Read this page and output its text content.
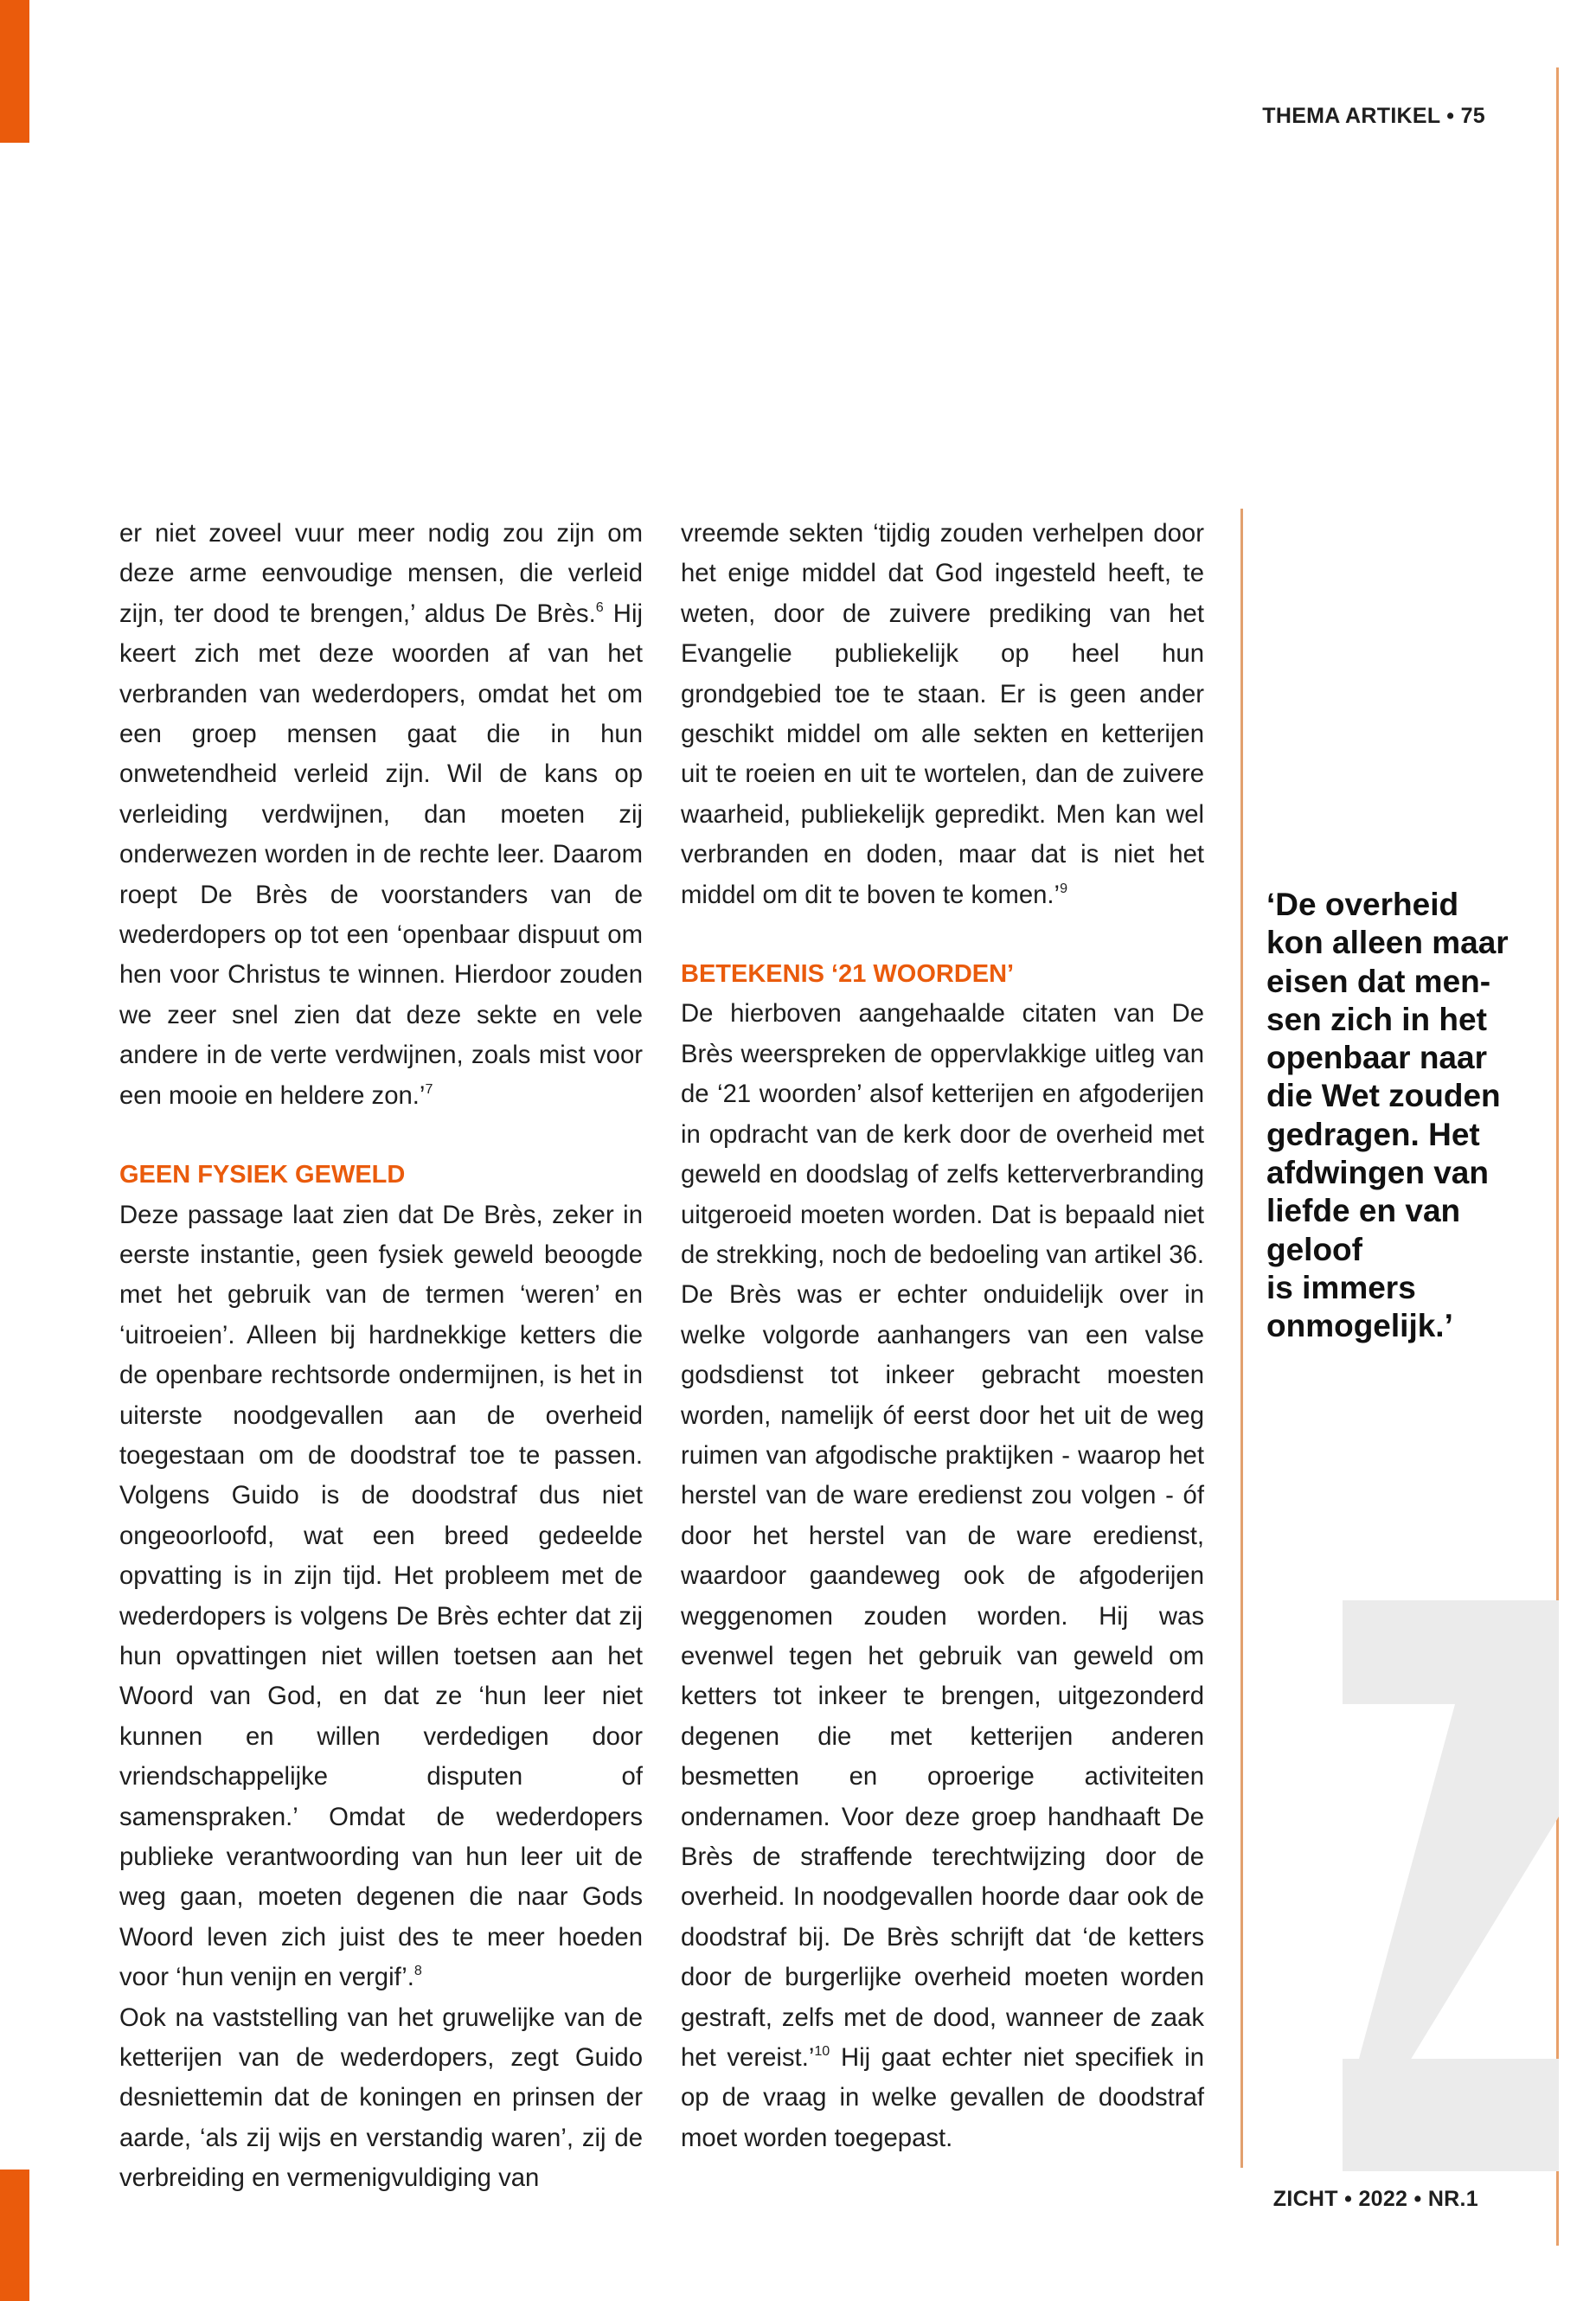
THEMA ARTIKEL • 75

er niet zoveel vuur meer nodig zou zijn om deze arme eenvoudige mensen, die verleid zijn, ter dood te brengen,’ aldus De Brès.$^6$ Hij keert zich met deze woorden af van het verbranden van wederdopers, omdat het om een groep mensen gaat die in hun onwetendheid verleid zijn. Wil de kans op verleiding verdwijnen, dan moeten zij onderwezen worden in de rechte leer. Daarom roept De Brès de voorstanders van de wederdopers op tot een ‘openbaar dispuut om hen voor Christus te winnen. Hierdoor zouden we zeer snel zien dat deze sekte en vele andere in de verte verdwijnen, zoals mist voor een mooie en heldere zon.’$^7$

GEEN FYSIEK GEWELD

Deze passage laat zien dat De Brès, zeker in eerste instantie, geen fysiek geweld beoogde met het gebruik van de termen ‘weren’ en ‘uitroeien’. Alleen bij hardnekkige ketters die de openbare rechtsorde ondermijnen, is het in uiterste noodgevallen aan de overheid toegestaan om de doodstraf toe te passen. Volgens Guido is de doodstraf dus niet ongeoorloofd, wat een breed gedeelde opvatting is in zijn tijd. Het probleem met de wederdopers is volgens De Brès echter dat zij hun opvattingen niet willen toetsen aan het Woord van God, en dat ze ‘hun leer niet kunnen en willen verdedigen door vriendschappelijke disputen of samenspraken.’ Omdat de wederdopers publieke verantwoording van hun leer uit de weg gaan, moeten degenen die naar Gods Woord leven zich juist des te meer hoeden voor ‘hun venijn en vergif’.$^8$

Ook na vaststelling van het gruwelijke van de ketterijen van de wederdopers, zegt Guido desniettemin dat de koningen en prinsen der aarde, ‘als zij wijs en verstandig waren’, zij de verbreiding en vermenigvuldiging van

vreemde sekten ‘tijdig zouden verhelpen door het enige middel dat God ingesteld heeft, te weten, door de zuivere prediking van het Evangelie publiekelijk op heel hun grondgebied toe te staan. Er is geen ander geschikt middel om alle sekten en ketterijen uit te roeien en uit te wortelen, dan de zuivere waarheid, publiekelijk gepredikt. Men kan wel verbranden en doden, maar dat is niet het middel om dit te boven te komen.’$^9$

BETEKENIS ‘21 WOORDEN’

De hierboven aangehaalde citaten van De Brès weerspreken de oppervlakkige uitleg van de ‘21 woorden’ alsof ketterijen en afgoderijen in opdracht van de kerk door de overheid met geweld en doodslag of zelfs ketterverbranding uitgeroeid moeten worden. Dat is bepaald niet de strekking, noch de bedoeling van artikel 36. De Brès was er echter onduidelijk over in welke volgorde aanhangers van een valse godsdienst tot inkeer gebracht moesten worden, namelijk óf eerst door het uit de weg ruimen van afgodische praktijken - waarop het herstel van de ware eredienst zou volgen - óf door het herstel van de ware eredienst, waardoor gaandeweg ook de afgoderijen weggenomen zouden worden. Hij was evenwel tegen het gebruik van geweld om ketters tot inkeer te brengen, uitgezonderd degenen die met ketterijen anderen besmetten en oproerige activiteiten ondernamen. Voor deze groep handhaaft De Brès de straffende terechtwijzing door de overheid. In noodgevallen hoorde daar ook de doodstraf bij. De Brès schrijft dat ‘de ketters door de burgerlijke overheid moeten worden gestraft, zelfs met de dood, wanneer de zaak het vereist.’$^{10}$ Hij gaat echter niet specifiek in op de vraag in welke gevallen de doodstraf moet worden toegepast.

‘De overheid
kon alleen maar
eisen dat men-
sen zich in het
openbaar naar
die Wet zouden
gedragen. Het
afdwingen van
liefde en van
geloof
is immers
onmogelijk.’
ZICHT • 2022 • NR.1
